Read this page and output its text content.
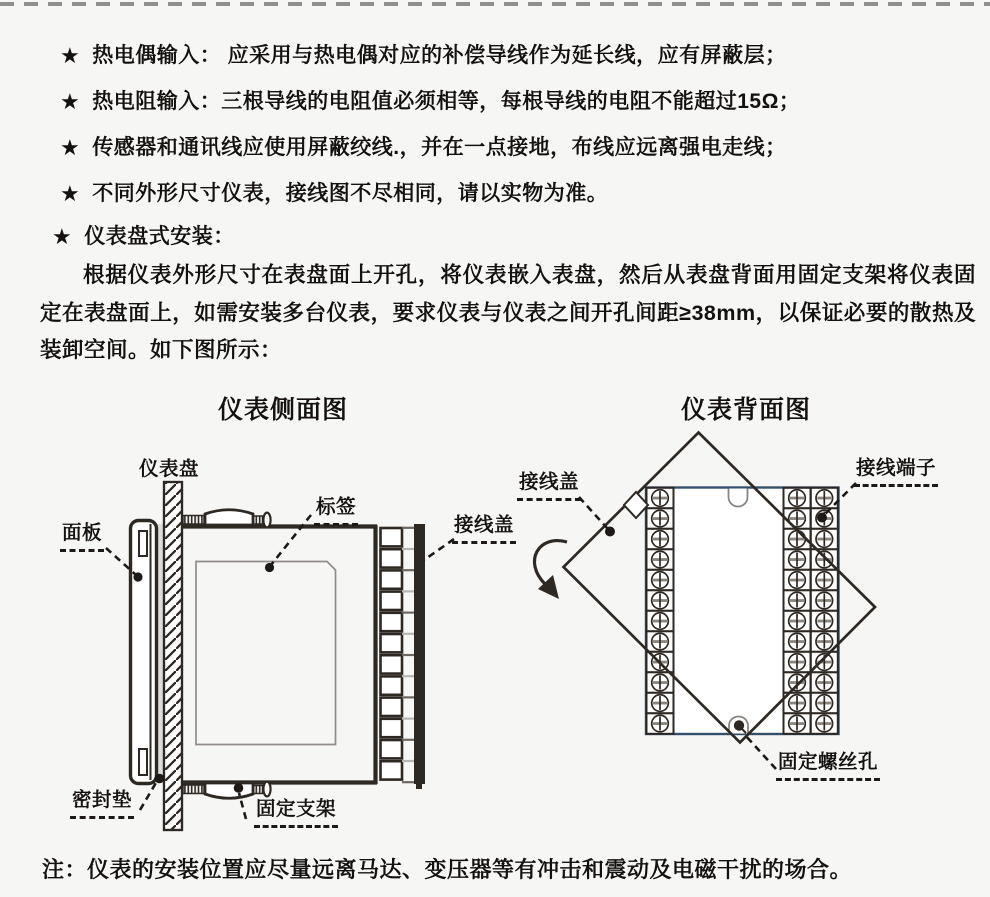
★ 热电偶输入： 应采用与热电偶对应的补偿导线作为延长线，应有屏蔽层；
★ 热电阻输入：三根导线的电阻值必须相等，每根导线的电阻不能超过15Ω；
★ 传感器和通讯线应使用屏蔽绞线.，并在一点接地，布线应远离强电走线；
★ 不同外形尺寸仪表，接线图不尽相同，请以实物为准。
★ 仪表盘式安装：

根据仪表外形尺寸在表盘面上开孔，将仪表嵌入表盘，然后从表盘背面用固定支架将仪表固定在表盘面上，如需安装多台仪表，要求仪表与仪表之间开孔间距≥38mm，以保证必要的散热及装卸空间。如下图所示：

仪表侧面图	仪表背面图
仪表盘
面板
标签
接线盖
密封垫	固定支架
接线盖
接线端子
固定螺丝孔
注：仪表的安装位置应尽量远离马达、变压器等有冲击和震动及电磁干扰的场合。
